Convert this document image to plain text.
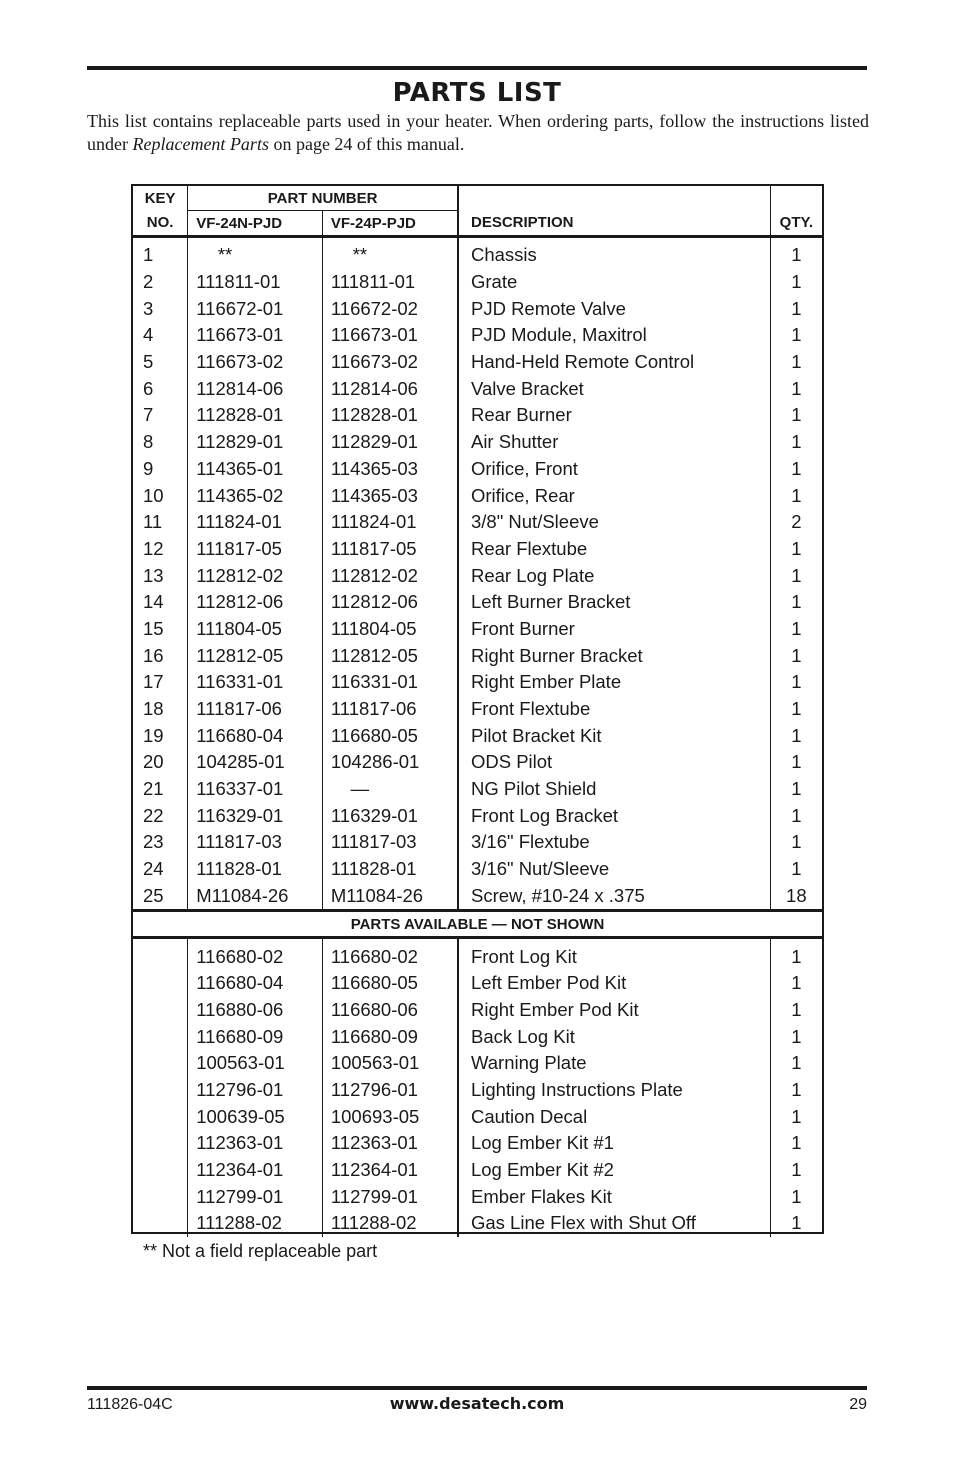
PARTS LIST
This list contains replaceable parts used in your heater. When ordering parts, follow the instructions listed under Replacement Parts on page 24 of this manual.
KEY	PART NUMBER			
NO.	VF-24N-PJD	VF-24P-PJD	DESCRIPTION	QTY.
1	**	**	Chassis	1
2	111811-01	111811-01	Grate	1
3	116672-01	116672-02	PJD Remote Valve	1
4	116673-01	116673-01	PJD Module, Maxitrol	1
5	116673-02	116673-02	Hand-Held Remote Control	1
6	112814-06	112814-06	Valve Bracket	1
7	112828-01	112828-01	Rear Burner	1
8	112829-01	112829-01	Air Shutter	1
9	114365-01	114365-03	Orifice, Front	1
10	114365-02	114365-03	Orifice, Rear	1
11	111824-01	111824-01	3/8" Nut/Sleeve	2
12	111817-05	111817-05	Rear Flextube	1
13	112812-02	112812-02	Rear Log Plate	1
14	112812-06	112812-06	Left Burner Bracket	1
15	111804-05	111804-05	Front Burner	1
16	112812-05	112812-05	Right Burner Bracket	1
17	116331-01	116331-01	Right Ember Plate	1
18	111817-06	111817-06	Front Flextube	1
19	116680-04	116680-05	Pilot Bracket Kit	1
20	104285-01	104286-01	ODS Pilot	1
21	116337-01	—	NG Pilot Shield	1
22	116329-01	116329-01	Front Log Bracket	1
23	111817-03	111817-03	3/16" Flextube	1
24	111828-01	111828-01	3/16" Nut/Sleeve	1
25	M11084-26	M11084-26	Screw, #10-24 x .375	18
PARTS AVAILABLE — NOT SHOWN				
	116680-02	116680-02	Front Log Kit	1
	116680-04	116680-05	Left Ember Pod Kit	1
	116880-06	116680-06	Right Ember Pod Kit	1
	116680-09	116680-09	Back Log Kit	1
	100563-01	100563-01	Warning Plate	1
	112796-01	112796-01	Lighting Instructions Plate	1
	100639-05	100693-05	Caution Decal	1
	112363-01	112363-01	Log Ember Kit #1	1
	112364-01	112364-01	Log Ember Kit #2	1
	112799-01	112799-01	Ember Flakes Kit	1
	111288-02	111288-02	Gas Line Flex with Shut Off	1
** Not a field replaceable part
111826-04C	www.desatech.com	29
